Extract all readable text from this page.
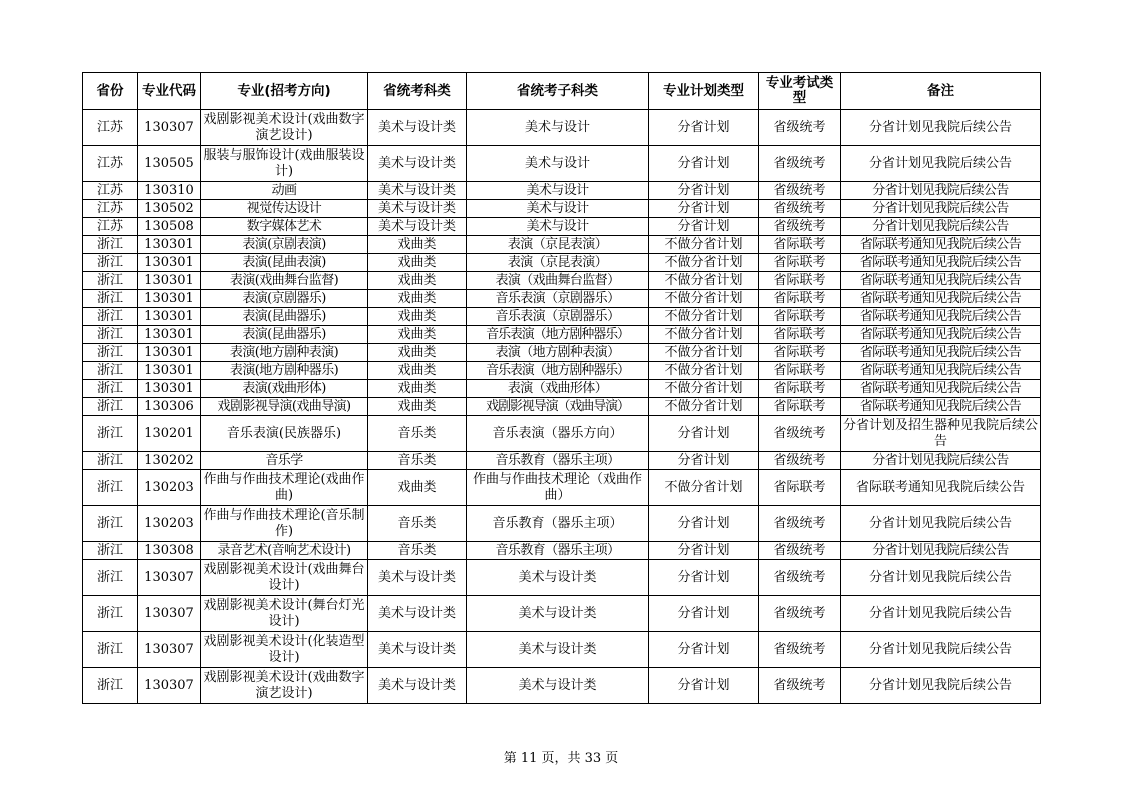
省份	专业代码	专业(招考方向)	省统考科类	省统考子科类	专业计划类型	专业考试类型	备注
江苏	130307	戏剧影视美术设计(戏曲数字演艺设计)	美术与设计类	美术与设计	分省计划	省级统考	分省计划见我院后续公告
江苏	130505	服装与服饰设计(戏曲服装设计)	美术与设计类	美术与设计	分省计划	省级统考	分省计划见我院后续公告
江苏	130310	动画	美术与设计类	美术与设计	分省计划	省级统考	分省计划见我院后续公告
江苏	130502	视觉传达设计	美术与设计类	美术与设计	分省计划	省级统考	分省计划见我院后续公告
江苏	130508	数字媒体艺术	美术与设计类	美术与设计	分省计划	省级统考	分省计划见我院后续公告
浙江	130301	表演(京剧表演)	戏曲类	表演（京昆表演）	不做分省计划	省际联考	省际联考通知见我院后续公告
浙江	130301	表演(昆曲表演)	戏曲类	表演（京昆表演）	不做分省计划	省际联考	省际联考通知见我院后续公告
浙江	130301	表演(戏曲舞台监督)	戏曲类	表演（戏曲舞台监督）	不做分省计划	省际联考	省际联考通知见我院后续公告
浙江	130301	表演(京剧器乐)	戏曲类	音乐表演（京剧器乐）	不做分省计划	省际联考	省际联考通知见我院后续公告
浙江	130301	表演(昆曲器乐)	戏曲类	音乐表演（京剧器乐）	不做分省计划	省际联考	省际联考通知见我院后续公告
浙江	130301	表演(昆曲器乐)	戏曲类	音乐表演（地方剧种器乐）	不做分省计划	省际联考	省际联考通知见我院后续公告
浙江	130301	表演(地方剧种表演)	戏曲类	表演（地方剧种表演）	不做分省计划	省际联考	省际联考通知见我院后续公告
浙江	130301	表演(地方剧种器乐)	戏曲类	音乐表演（地方剧种器乐）	不做分省计划	省际联考	省际联考通知见我院后续公告
浙江	130301	表演(戏曲形体)	戏曲类	表演（戏曲形体）	不做分省计划	省际联考	省际联考通知见我院后续公告
浙江	130306	戏剧影视导演(戏曲导演)	戏曲类	戏剧影视导演（戏曲导演）	不做分省计划	省际联考	省际联考通知见我院后续公告
浙江	130201	音乐表演(民族器乐)	音乐类	音乐表演（器乐方向）	分省计划	省级统考	分省计划及招生器种见我院后续公告
浙江	130202	音乐学	音乐类	音乐教育（器乐主项）	分省计划	省级统考	分省计划见我院后续公告
浙江	130203	作曲与作曲技术理论(戏曲作曲)	戏曲类	作曲与作曲技术理论（戏曲作曲）	不做分省计划	省际联考	省际联考通知见我院后续公告
浙江	130203	作曲与作曲技术理论(音乐制作)	音乐类	音乐教育（器乐主项）	分省计划	省级统考	分省计划见我院后续公告
浙江	130308	录音艺术(音响艺术设计)	音乐类	音乐教育（器乐主项）	分省计划	省级统考	分省计划见我院后续公告
浙江	130307	戏剧影视美术设计(戏曲舞台设计)	美术与设计类	美术与设计类	分省计划	省级统考	分省计划见我院后续公告
浙江	130307	戏剧影视美术设计(舞台灯光设计)	美术与设计类	美术与设计类	分省计划	省级统考	分省计划见我院后续公告
浙江	130307	戏剧影视美术设计(化装造型设计)	美术与设计类	美术与设计类	分省计划	省级统考	分省计划见我院后续公告
浙江	130307	戏剧影视美术设计(戏曲数字演艺设计)	美术与设计类	美术与设计类	分省计划	省级统考	分省计划见我院后续公告
第 11 页，共 33 页
